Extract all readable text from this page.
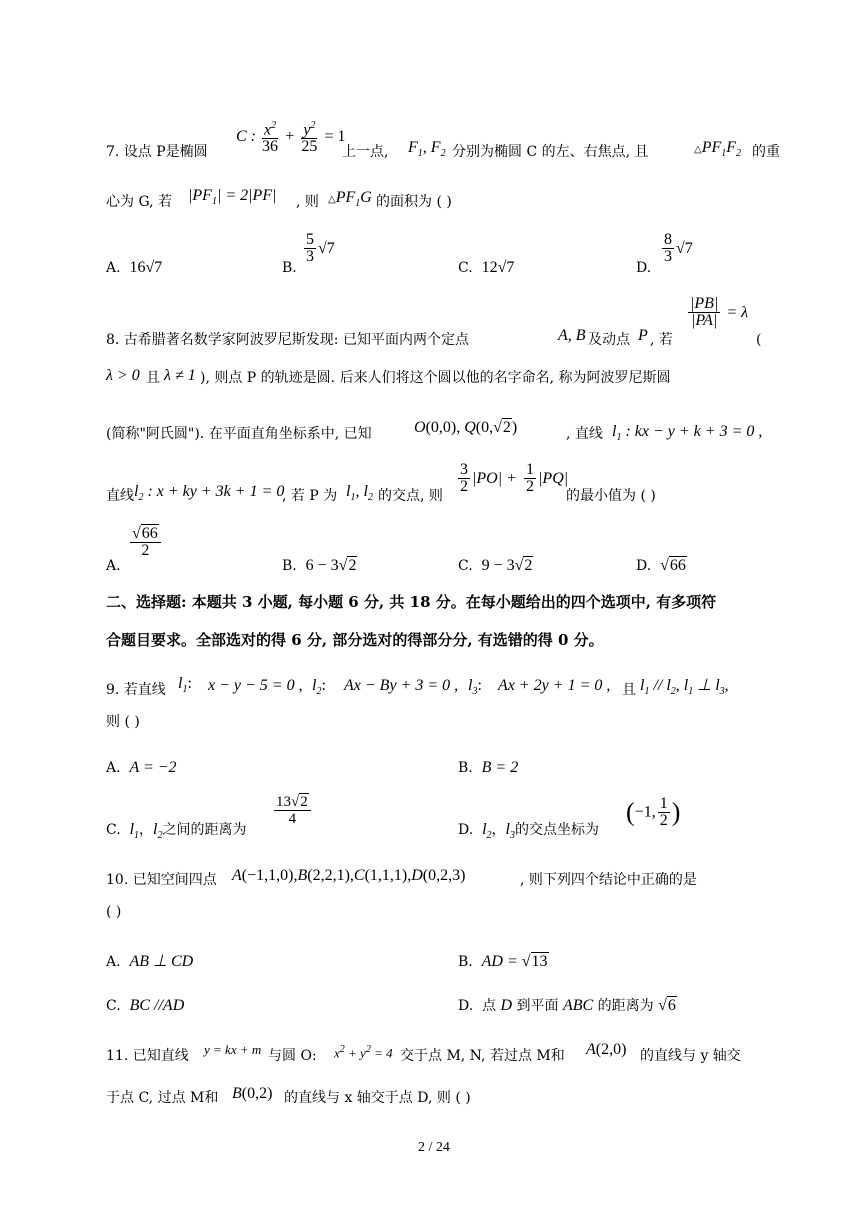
7. 设点 P是椭圆
C : $\frac{x^2}{36} + \frac{y^2}{25} = 1$
上一点, $F_1$, $F_2$ 分别为椭圆 C 的左、右焦点, 且	$\triangle PF_1F_2$ 的重
心为 G, 若 $|PF_1| = 2|PF|$ , 则 $\triangle PF_1G$ 的面积为 ( )
A.  16√7	B.
$\frac{5}{3} √7$
C.  12√7	D.
$\frac{8}{3} √7$
8. 古希腊著名数学家阿波罗尼斯发现: 已知平面内两个定点	A, B 及动点 P , 若
$\frac{|PB|}{|PA|} = \lambda$
(
λ > 0 且 λ ≠ 1 ), 则点 P 的轨迹是圆. 后来人们将这个圆以他的名字命名, 称为阿波罗尼斯圆
(简称"阿氏圆"). 在平面直角坐标系中, 已知	O(0,0), Q(0,√2)	, 直线 $l_1$ : kx − y + k + 3 = 0 ,
直线 $l_2$ : x + ky + 3k + 1 = 0
, 若 P 为 $l_1$, $l_2$ 的交点, 则
$\frac{3}{2} |PO| + \frac{1}{2} |PQ|$
的最小值为 ( )
A.
$\frac{√66}{2}$
B.  6 − 3√2	C.  9 − 3√2	D.  √66
二、选择题: 本题共 3 小题, 每小题 6 分, 共 18 分。在每小题给出的四个选项中, 有多项符
合题目要求。全部选对的得 6 分, 部分选对的得部分分, 有选错的得 0 分。
9. 若直线 $l_1$: x − y − 5 = 0 , $l_2$: Ax − By + 3 = 0 , $l_3$: Ax + 2y + 1 = 0 , 且 $l_1 // l_2$, $l_1$ ⊥ $l_3$,
则 ( )
A.  A = −2	B.  B = 2
C.  $l_1$，$l_2$之间的距离为
$\frac{13√2}{4}$
D.  $l_2$，$l_3$的交点坐标为
(−1, $\frac{1}{2}$ )
10. 已知空间四点 A(−1,1,0),B(2,2,1),C(1,1,1),D(0,2,3)	, 则下列四个结论中正确的是
( )
A.  AB ⊥ CD	B.  AD = √13
C.  BC //AD	D.  点 D 到平面 ABC 的距离为 √6
11. 已知直线 y = kx + m 与圆 O: $x^2 + y^2 = 4$ 交于点 M, N, 若过点 M和 A(2,0) 的直线与 y 轴交
于点 C, 过点 M和 B(0,2) 的直线与 x 轴交于点 D, 则 ( )
2 / 24
